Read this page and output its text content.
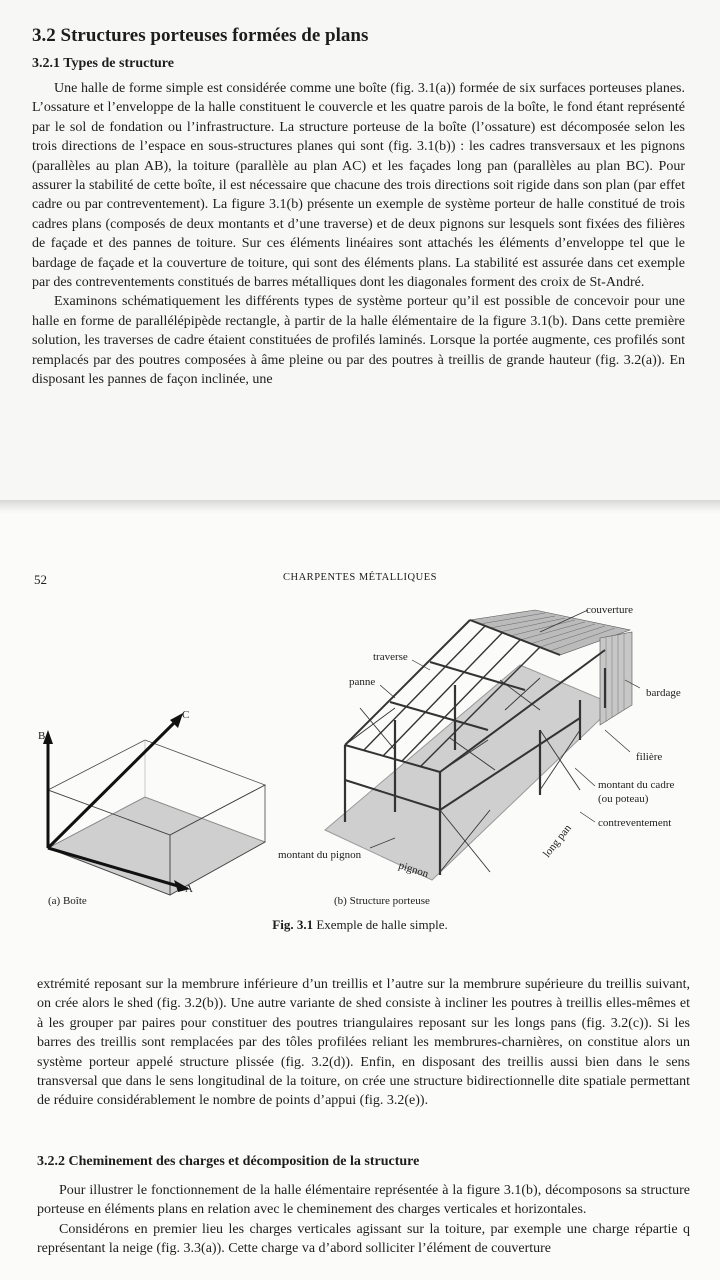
3.2 Structures porteuses formées de plans
3.2.1 Types de structure

Une halle de forme simple est considérée comme une boîte (fig. 3.1(a)) formée de six surfaces porteuses planes. L’ossature et l’enveloppe de la halle constituent le couvercle et les quatre parois de la boîte, le fond étant représenté par le sol de fondation ou l’infrastructure. La structure porteuse de la boîte (l’ossature) est décomposée selon les trois directions de l’espace en sous-structures planes qui sont (fig. 3.1(b)) : les cadres transversaux et les pignons (parallèles au plan AB), la toiture (parallèle au plan AC) et les façades long pan (parallèles au plan BC). Pour assurer la stabilité de cette boîte, il est nécessaire que chacune des trois directions soit rigide dans son plan (par effet cadre ou par contreventement). La figure 3.1(b) présente un exemple de système porteur de halle constitué de trois cadres plans (composés de deux montants et d’une traverse) et de deux pignons sur lesquels sont fixées des filières de façade et des pannes de toiture. Sur ces éléments linéaires sont attachés les éléments d’enveloppe tel que le bardage de façade et la couverture de toiture, qui sont des éléments plans. La stabilité est assurée dans cet exemple par des contreventements constitués de barres métalliques dont les diagonales forment des croix de St-André.

Examinons schématiquement les différents types de système porteur qu’il est possible de concevoir pour une halle en forme de parallélépipède rectangle, à partir de la halle élémentaire de la figure 3.1(b). Dans cette première solution, les traverses de cadre étaient constituées de profilés laminés. Lorsque la portée augmente, ces profilés sont remplacés par des poutres composées à âme pleine ou par des poutres à treillis de grande hauteur (fig. 3.2(a)). En disposant les pannes de façon inclinée, une

52	CHARPENTES MÉTALLIQUES
B
C
A
couverture
traverse
panne
bardage
filière
montant du cadre
(ou poteau)
contreventement
montant du pignon
pignon
long pan
(a) Boîte	(b) Structure porteuse
Fig. 3.1 Exemple de halle simple.

extrémité reposant sur la membrure inférieure d’un treillis et l’autre sur la membrure supérieure du treillis suivant, on crée alors le shed (fig. 3.2(b)). Une autre variante de shed consiste à incliner les poutres à treillis elles-mêmes et à les grouper par paires pour constituer des poutres triangulaires reposant sur les longs pans (fig. 3.2(c)). Si les barres des treillis sont remplacées par des tôles profilées reliant les membrures-charnières, on constitue alors un système porteur appelé structure plissée (fig. 3.2(d)). Enfin, en disposant des treillis aussi bien dans le sens transversal que dans le sens longitudinal de la toiture, on crée une structure bidirectionnelle dite spatiale permettant de réduire considérablement le nombre de points d’appui (fig. 3.2(e)).

3.2.2 Cheminement des charges et décomposition de la structure

Pour illustrer le fonctionnement de la halle élémentaire représentée à la figure 3.1(b), décomposons sa structure porteuse en éléments plans en relation avec le cheminement des charges verticales et horizontales.

Considérons en premier lieu les charges verticales agissant sur la toiture, par exemple une charge répartie q représentant la neige (fig. 3.3(a)). Cette charge va d’abord solliciter l’élément de couverture
